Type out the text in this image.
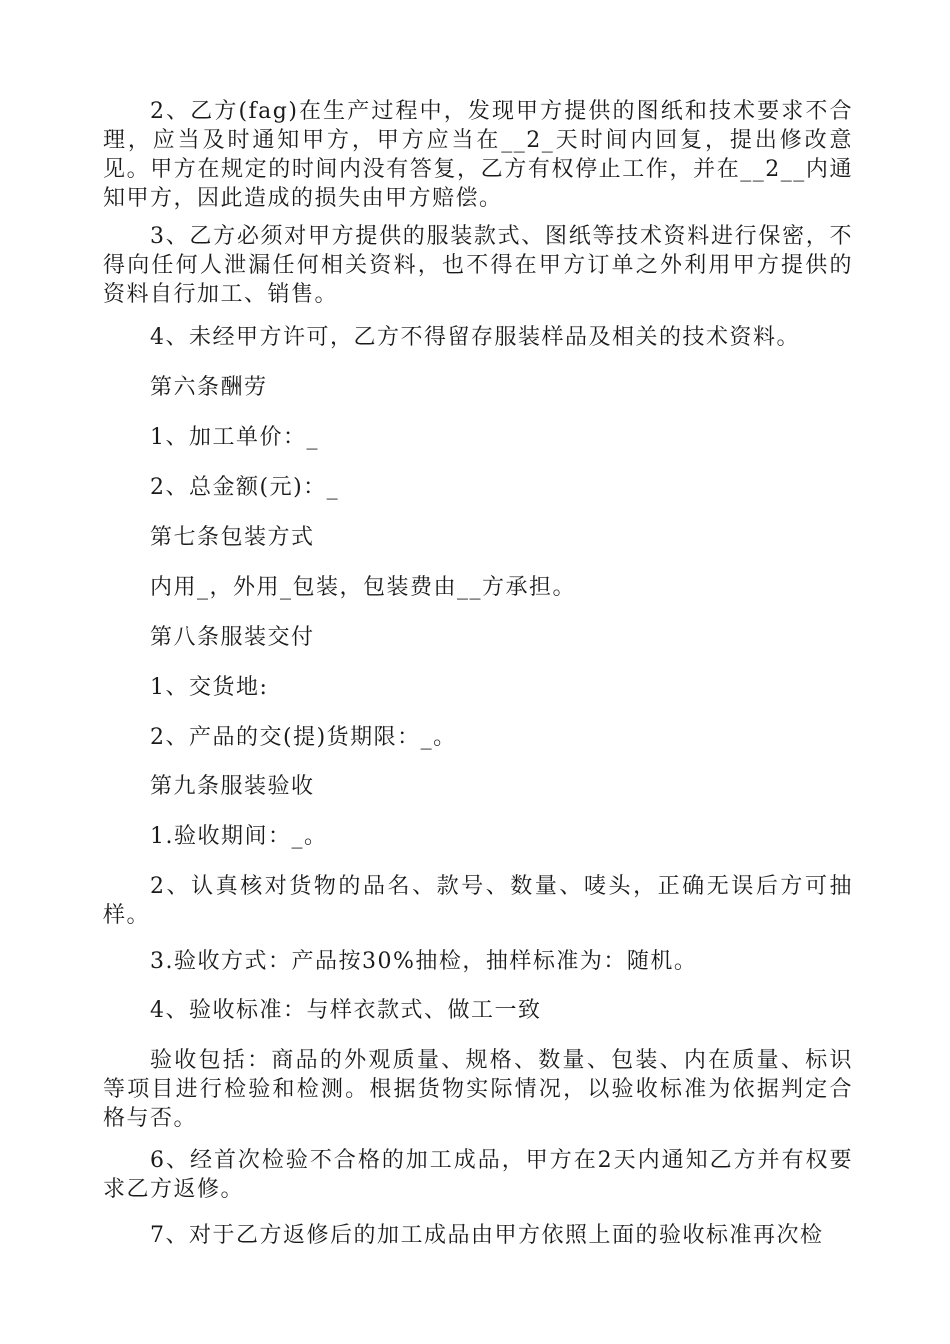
2、乙方(fag)在生产过程中，发现甲方提供的图纸和技术要求不合理，应当及时通知甲方，甲方应当在__2_天时间内回复，提出修改意见。甲方在规定的时间内没有答复，乙方有权停止工作，并在__2__内通知甲方，因此造成的损失由甲方赔偿。

3、乙方必须对甲方提供的服装款式、图纸等技术资料进行保密，不得向任何人泄漏任何相关资料，也不得在甲方订单之外利用甲方提供的资料自行加工、销售。

4、未经甲方许可，乙方不得留存服装样品及相关的技术资料。

第六条酬劳

1、加工单价：_

2、总金额(元)：_

第七条包装方式

内用_，外用_包装，包装费由__方承担。

第八条服装交付

1、交货地:

2、产品的交(提)货期限：_。

第九条服装验收

1.验收期间：_。

2、认真核对货物的品名、款号、数量、唛头，正确无误后方可抽样。

3.验收方式：产品按30%抽检，抽样标准为：随机。

4、验收标准：与样衣款式、做工一致

验收包括：商品的外观质量、规格、数量、包装、内在质量、标识等项目进行检验和检测。根据货物实际情况，以验收标准为依据判定合格与否。

6、经首次检验不合格的加工成品，甲方在2天内通知乙方并有权要求乙方返修。

7、对于乙方返修后的加工成品由甲方依照上面的验收标准再次检
